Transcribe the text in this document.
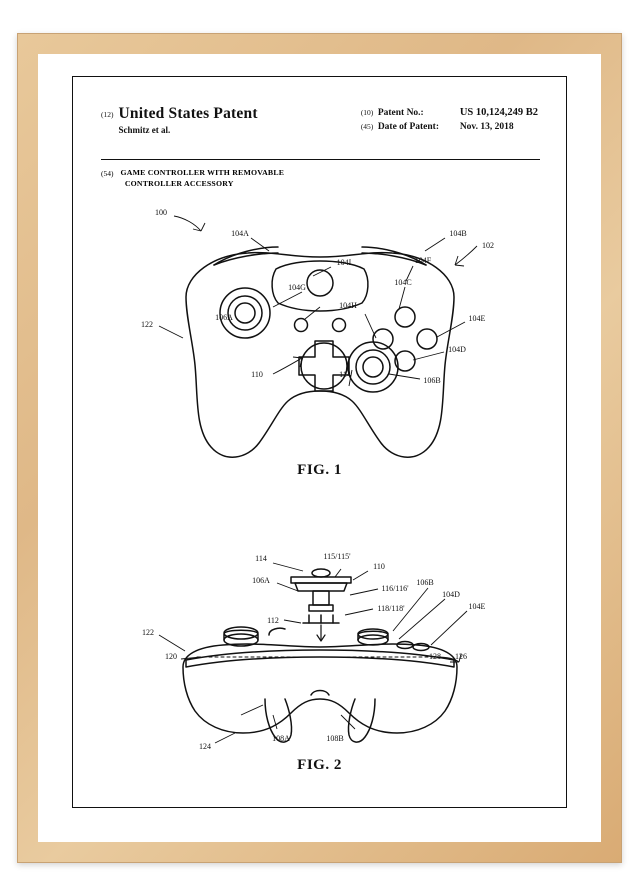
(12) United States Patent
Schmitz et al.
(10) Patent No.:	US 10,124,249 B2
(45) Date of Patent:	Nov. 13, 2018
(54) GAME CONTROLLER WITH REMOVABLE
CONTROLLER ACCESSORY
100
104A	104B
102
104I	104F
104C
104G
104H
104E
106A
104D
122
110	114
106B
FIG. 1
114	115/115'
110
106B
106A
116/116'
104D
104E
118/118'
122
112
120	128 126
108A	108B
124
FIG. 2
